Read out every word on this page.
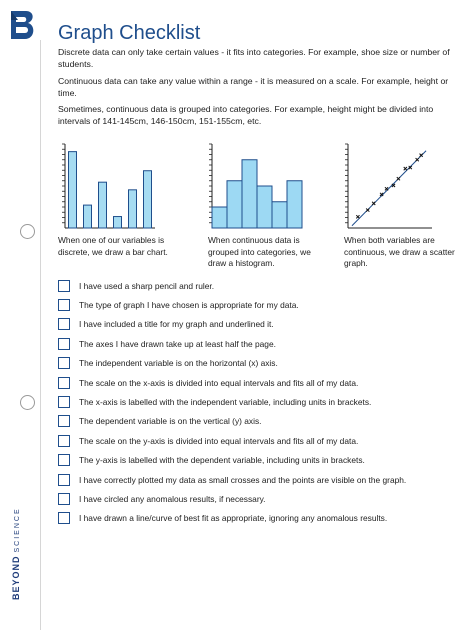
BEYONDSCIENCE
Graph Checklist

Discrete data can only take certain values - it fits into categories. For example, shoe size or number of students.

Continuous data can take any value within a range - it is measured on a scale. For example, height or time.

Sometimes, continuous data is grouped into categories. For example, height might be divided into intervals of 141-145cm, 146-150cm, 151-155cm, etc.

When one of our variables is discrete, we draw a bar chart.
When continuous data is grouped into categories, we draw a histogram.
When both variables are continuous, we draw a scatter graph.
I have used a sharp pencil and ruler.
The type of graph I have chosen is appropriate for my data.
I have included a title for my graph and underlined it.
The axes I have drawn take up at least half the page.
The independent variable is on the horizontal (x) axis.
The scale on the x-axis is divided into equal intervals and fits all of my data.
The x-axis is labelled with the independent variable, including units in brackets.
The dependent variable is on the vertical (y) axis.
The scale on the y-axis is divided into equal intervals and fits all of my data.
The y-axis is labelled with the dependent variable, including units in brackets.
I have correctly plotted my data as small crosses and the points are visible on the graph.
I have circled any anomalous results, if necessary.
I have drawn a line/curve of best fit as appropriate, ignoring any anomalous results.
